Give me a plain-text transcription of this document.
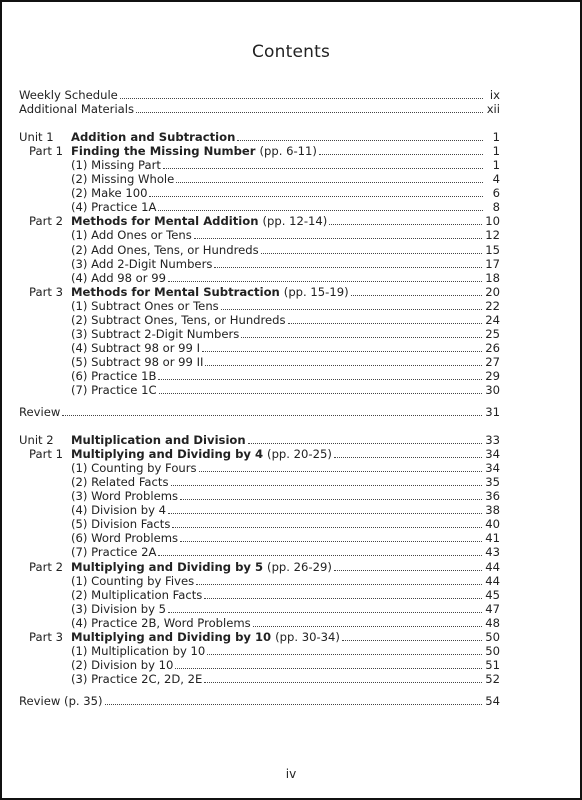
Contents
Weekly Schedule	ix
Additional Materials	xii
Unit 1	Addition and Subtraction	1
Part 1 Finding the Missing Number (pp. 6-11)	1
(1) Missing Part	1
(2) Missing Whole	4
(2) Make 100	6
(4) Practice 1A	8
Part 2 Methods for Mental Addition (pp. 12-14)	10
(1) Add Ones or Tens	12
(2) Add Ones, Tens, or Hundreds	15
(3) Add 2-Digit Numbers	17
(4) Add 98 or 99	18
Part 3 Methods for Mental Subtraction (pp. 15-19)	20
(1) Subtract Ones or Tens	22
(2) Subtract Ones, Tens, or Hundreds	24
(3) Subtract 2-Digit Numbers	25
(4) Subtract 98 or 99 I	26
(5) Subtract 98 or 99 II	27
(6) Practice 1B	29
(7) Practice 1C	30
Review	31
Unit 2	Multiplication and Division	33
Part 1 Multiplying and Dividing by 4 (pp. 20-25)	34
(1) Counting by Fours	34
(2) Related Facts	35
(3) Word Problems	36
(4) Division by 4	38
(5) Division Facts	40
(6) Word Problems	41
(7) Practice 2A	43
Part 2 Multiplying and Dividing by 5 (pp. 26-29)	44
(1) Counting by Fives	44
(2) Multiplication Facts	45
(3) Division by 5	47
(4) Practice 2B, Word Problems	48
Part 3 Multiplying and Dividing by 10 (pp. 30-34)	50
(1) Multiplication by 10	50
(2) Division by 10	51
(3) Practice 2C, 2D, 2E	52
Review (p. 35)	54
iv
